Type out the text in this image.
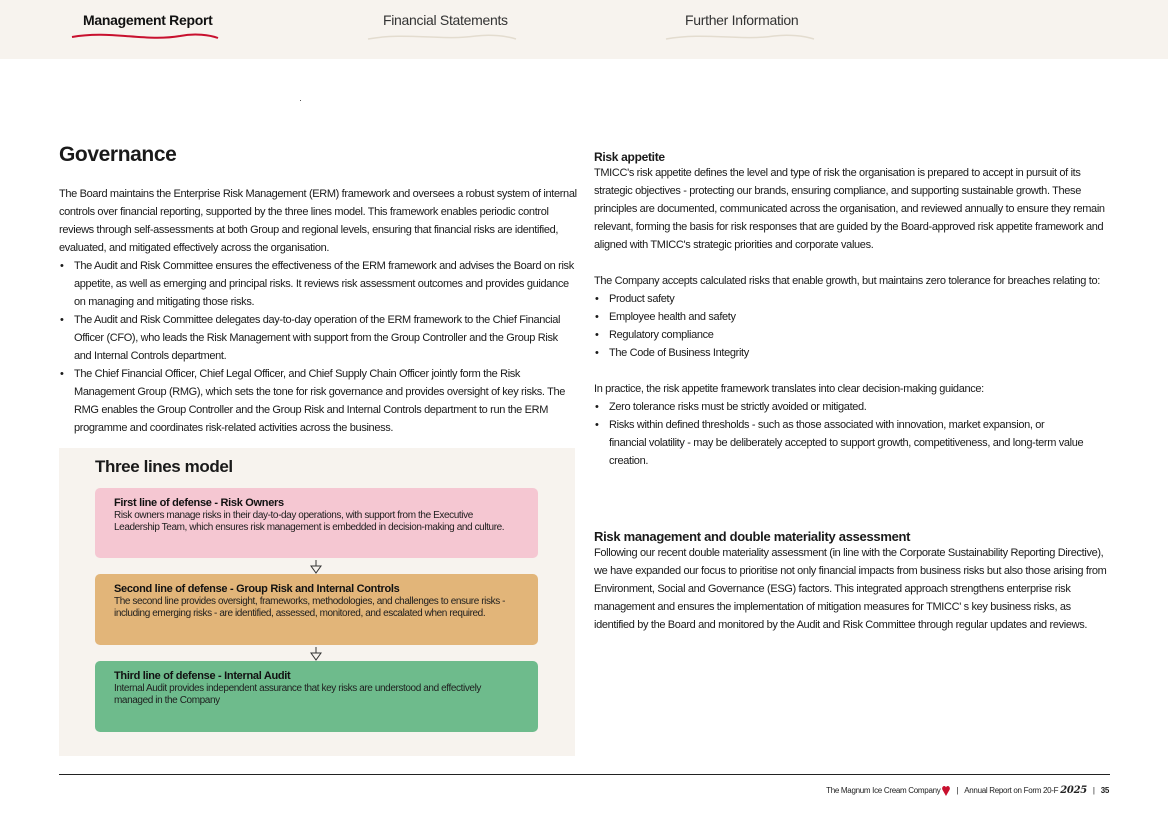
Management Report	Financial Statements	Further Information
Governance

The Board maintains the Enterprise Risk Management (ERM) framework and oversees a robust system of internal controls over financial reporting, supported by the three lines model. This framework enables periodic control reviews through self-assessments at both Group and regional levels, ensuring that financial risks are identified, evaluated, and mitigated effectively across the organisation.

• The Audit and Risk Committee ensures the effectiveness of the ERM framework and advises the Board on risk appetite, as well as emerging and principal risks. It reviews risk assessment outcomes and provides guidance on managing and mitigating those risks.
• The Audit and Risk Committee delegates day-to-day operation of the ERM framework to the Chief Financial Officer (CFO), who leads the Risk Management with support from the Group Controller and the Group Risk and Internal Controls department.
• The Chief Financial Officer, Chief Legal Officer, and Chief Supply Chain Officer jointly form the Risk Management Group (RMG), which sets the tone for risk governance and provides oversight of key risks. The RMG enables the Group Controller and the Group Risk and Internal Controls department to run the ERM programme and coordinates risk-related activities across the business.
Three lines model
First line of defense - Risk Owners
Risk owners manage risks in their day-to-day operations, with support from the Executive Leadership Team, which ensures risk management is embedded in decision-making and culture.
Second line of defense - Group Risk and Internal Controls
The second line provides oversight, frameworks, methodologies, and challenges to ensure risks - including emerging risks - are identified, assessed, monitored, and escalated when required.
Third line of defense - Internal Audit
Internal Audit provides independent assurance that key risks are understood and effectively managed in the Company
Risk appetite

TMICC's risk appetite defines the level and type of risk the organisation is prepared to accept in pursuit of its strategic objectives - protecting our brands, ensuring compliance, and supporting sustainable growth. These principles are documented, communicated across the organisation, and reviewed annually to ensure they remain relevant, forming the basis for risk responses that are guided by the Board-approved risk appetite framework and aligned with TMICC's strategic priorities and corporate values.

The Company accepts calculated risks that enable growth, but maintains zero tolerance for breaches relating to:

• Product safety
• Employee health and safety
• Regulatory compliance
• The Code of Business Integrity

In practice, the risk appetite framework translates into clear decision-making guidance:

• Zero tolerance risks must be strictly avoided or mitigated.
• Risks within defined thresholds - such as those associated with innovation, market expansion, or financial volatility - may be deliberately accepted to support growth, competitiveness, and long-term value creation.
Risk management and double materiality assessment

Following our recent double materiality assessment (in line with the Corporate Sustainability Reporting Directive), we have expanded our focus to prioritise not only financial impacts from business risks but also those arising from Environment, Social and Governance (ESG) factors. This integrated approach strengthens enterprise risk management and ensures the implementation of mitigation measures for TMICC' s key business risks, as identified by the Board and monitored by the Audit and Risk Committee through regular updates and reviews.

The Magnum Ice Cream Company | Annual Report on Form 20-F 2025 | 35
